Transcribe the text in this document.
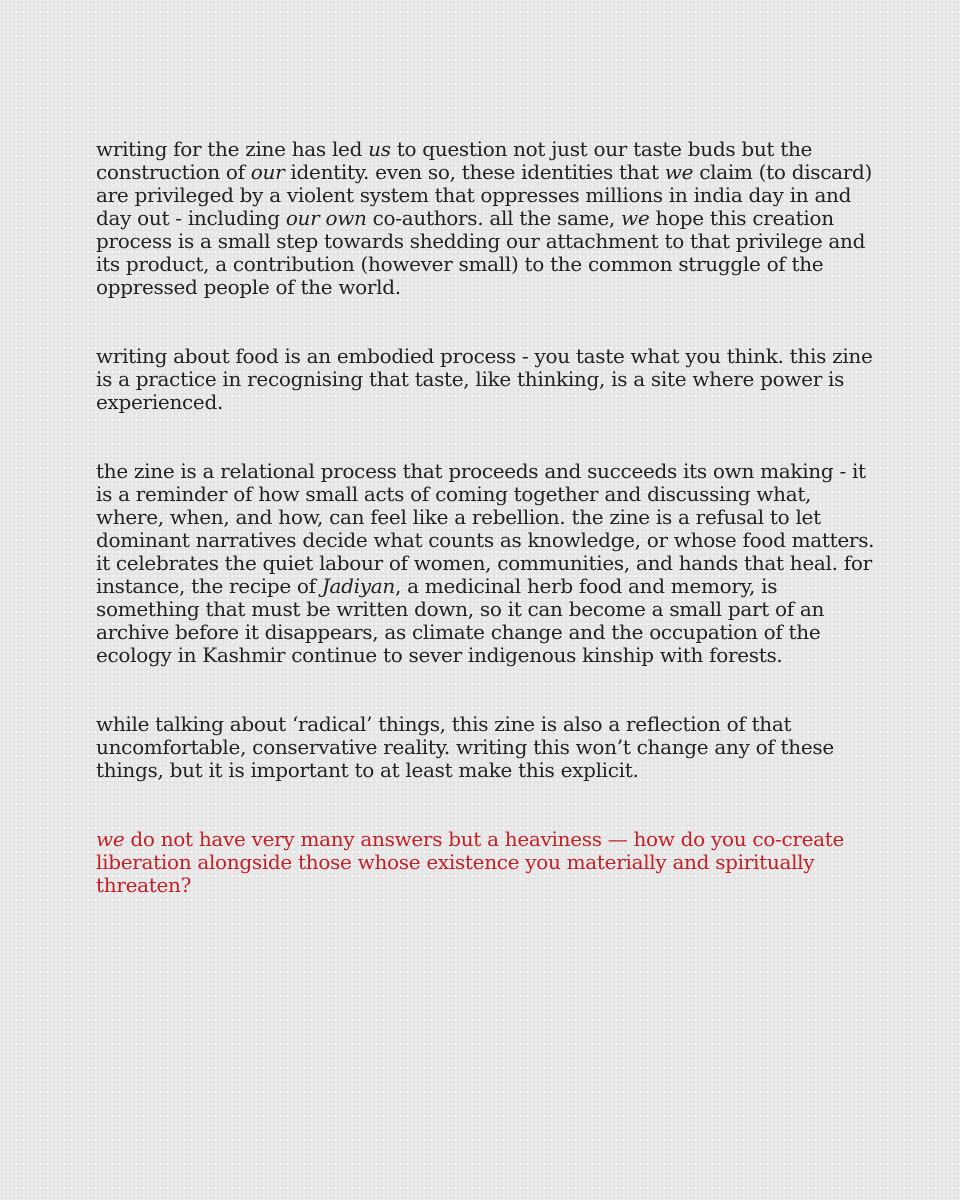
writing for the zine has led us to question not just our taste buds but the construction of our identity. even so, these identities that we claim (to discard) are privileged by a violent system that oppresses millions in india day in and day out - including our own co-authors. all the same, we hope this creation process is a small step towards shedding our attachment to that privilege and its product, a contribution (however small) to the common struggle of the oppressed people of the world.

writing about food is an embodied process - you taste what you think. this zine is a practice in recognising that taste, like thinking, is a site where power is experienced.

the zine is a relational process that proceeds and succeeds its own making - it is a reminder of how small acts of coming together and discussing what, where, when, and how, can feel like a rebellion. the zine is a refusal to let dominant narratives decide what counts as knowledge, or whose food matters. it celebrates the quiet labour of women, communities, and hands that heal. for instance, the recipe of Jadiyan, a medicinal herb food and memory, is something that must be written down, so it can become a small part of an archive before it disappears, as climate change and the occupation of the ecology in Kashmir continue to sever indigenous kinship with forests.

while talking about ‘radical’ things, this zine is also a reflection of that uncomfortable, conservative reality. writing this won’t change any of these things, but it is important to at least make this explicit.

we do not have very many answers but a heaviness — how do you co-create liberation alongside those whose existence you materially and spiritually threaten?
